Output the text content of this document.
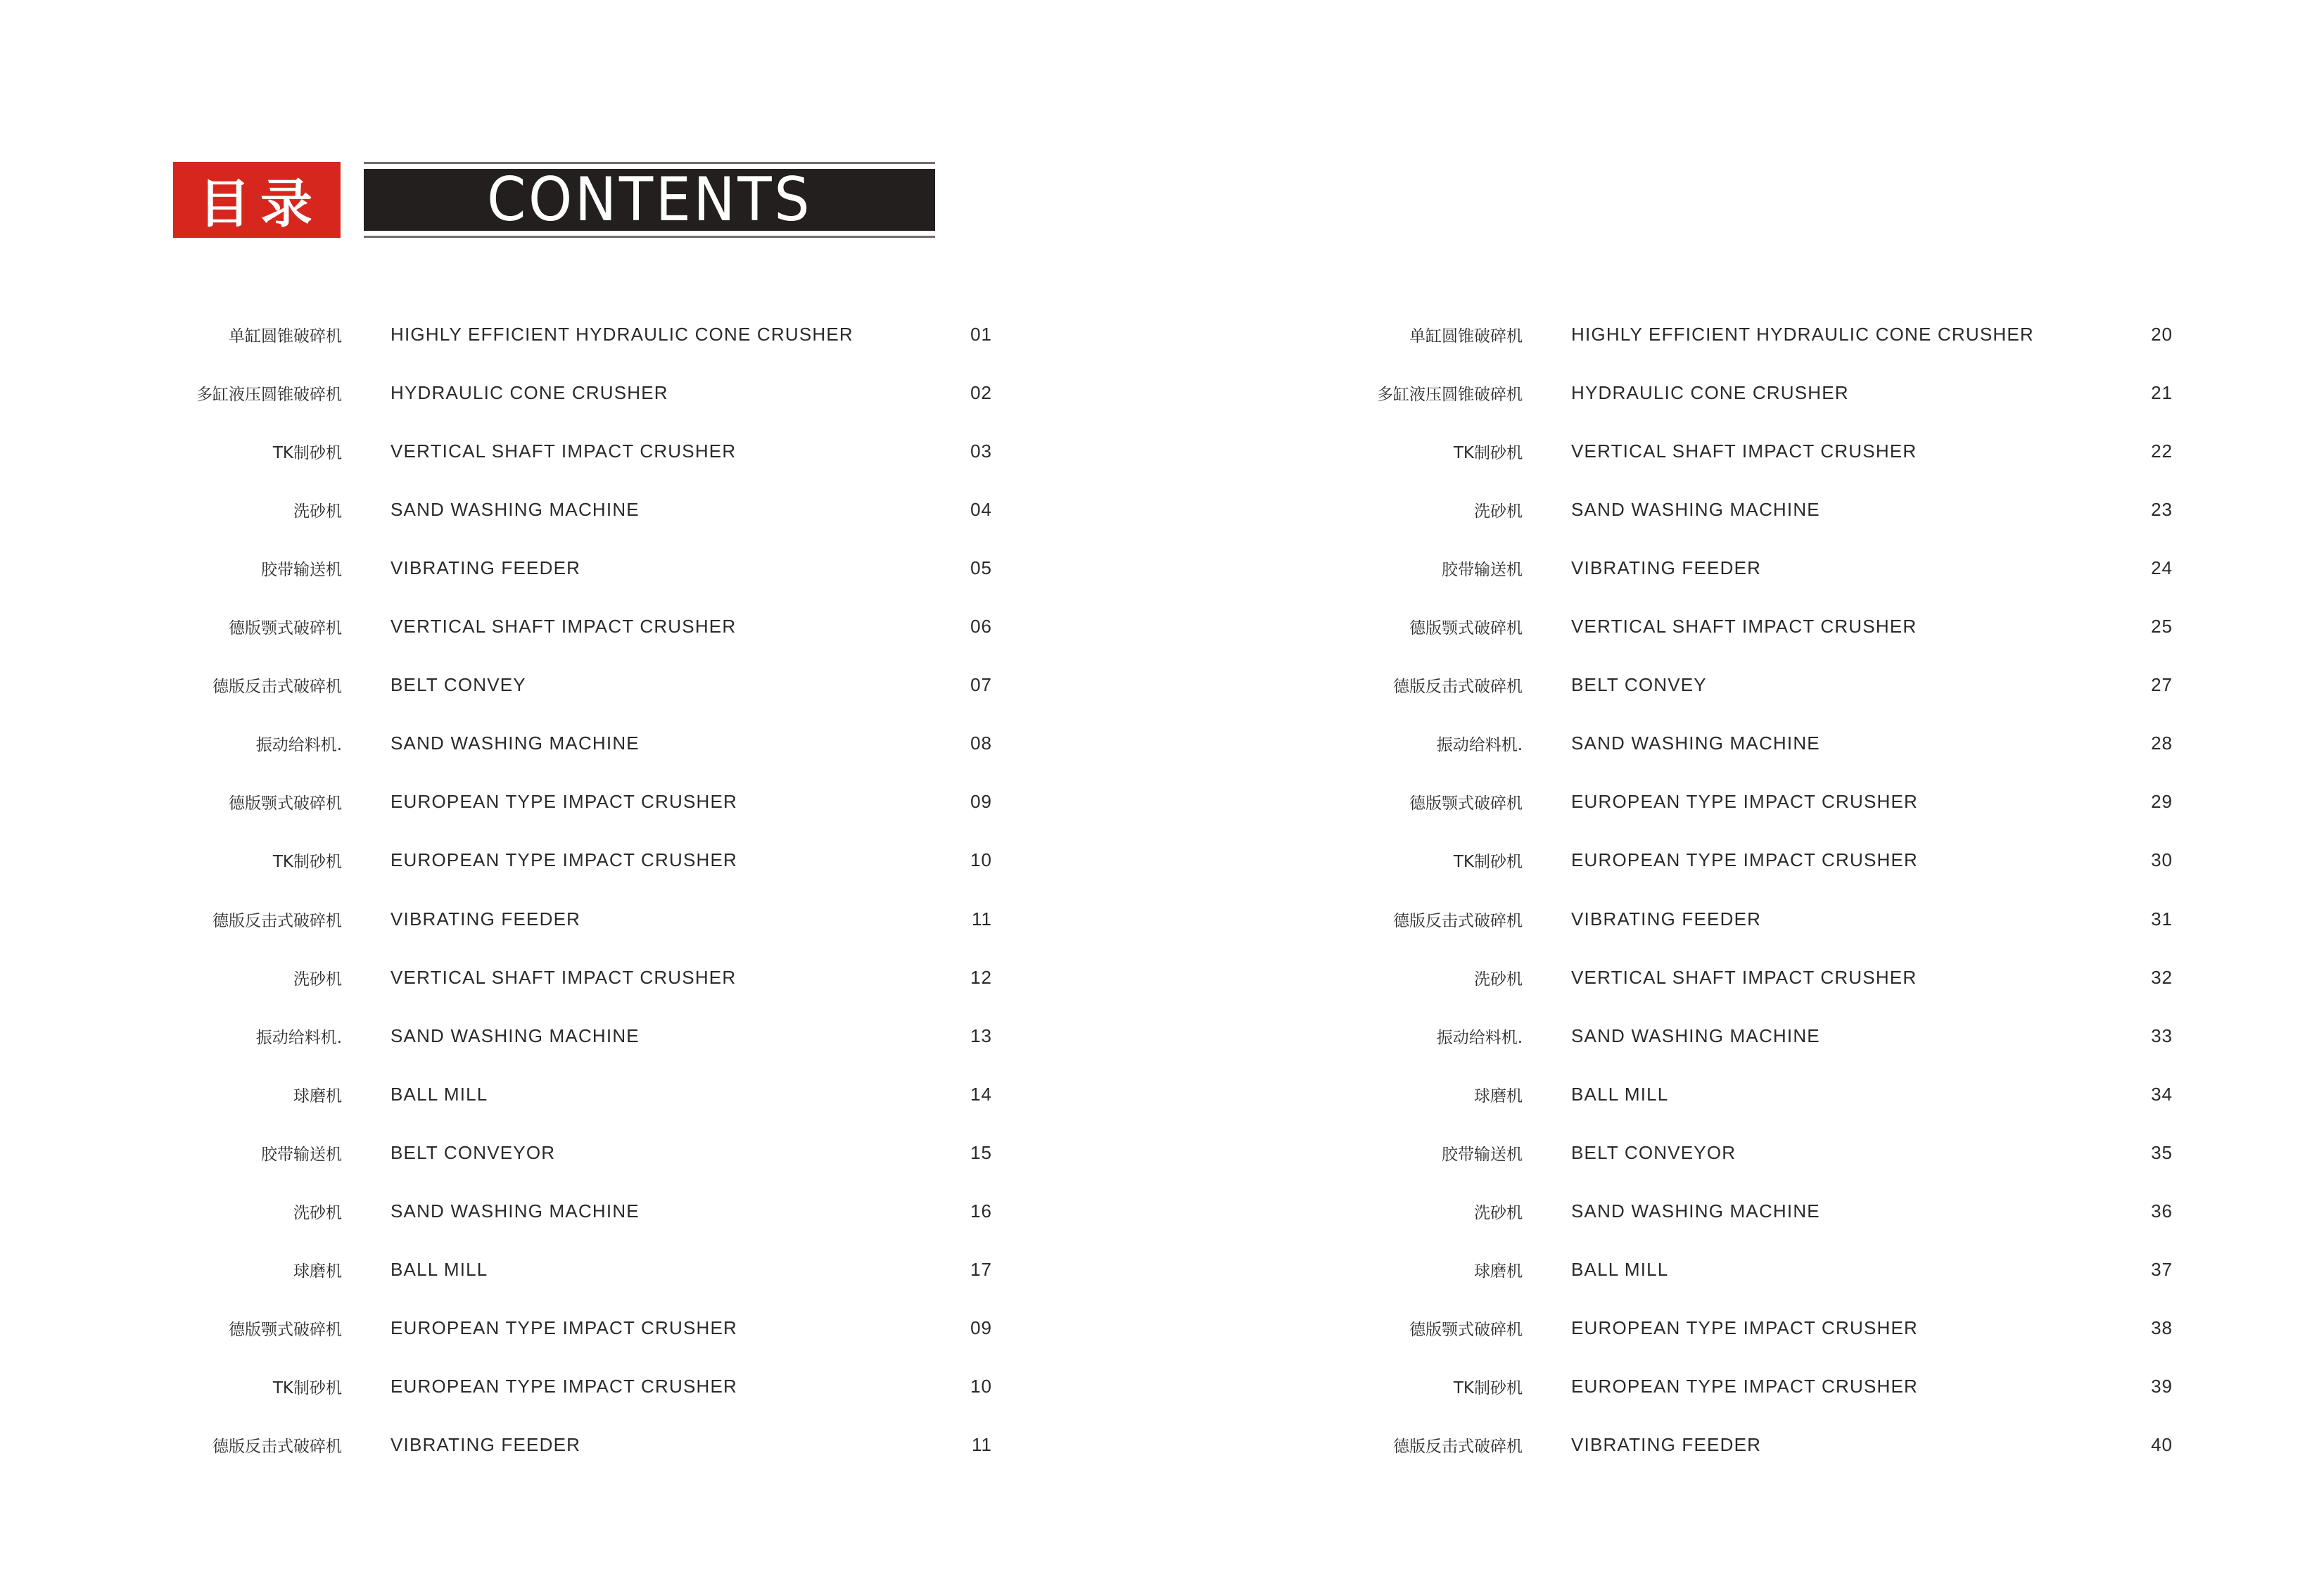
目录	CONTENTS
单缸圆锥破碎机	HIGHLY EFFICIENT HYDRAULIC CONE CRUSHER	01
多缸液压圆锥破碎机	HYDRAULIC CONE CRUSHER	02
TK制砂机	VERTICAL SHAFT IMPACT CRUSHER	03
洗砂机	SAND WASHING MACHINE	04
胶带输送机	VIBRATING FEEDER	05
德版颚式破碎机	VERTICAL SHAFT IMPACT CRUSHER	06
德版反击式破碎机	BELT CONVEY	07
振动给料机.	SAND WASHING MACHINE	08
德版颚式破碎机	EUROPEAN TYPE IMPACT CRUSHER	09
TK制砂机	EUROPEAN TYPE IMPACT CRUSHER	10
德版反击式破碎机	VIBRATING FEEDER	11
洗砂机	VERTICAL SHAFT IMPACT CRUSHER	12
振动给料机.	SAND WASHING MACHINE	13
球磨机	BALL MILL	14
胶带输送机	BELT CONVEYOR	15
洗砂机	SAND WASHING MACHINE	16
球磨机	BALL MILL	17
德版颚式破碎机	EUROPEAN TYPE IMPACT CRUSHER	09
TK制砂机	EUROPEAN TYPE IMPACT CRUSHER	10
德版反击式破碎机	VIBRATING FEEDER	11
单缸圆锥破碎机	HIGHLY EFFICIENT HYDRAULIC CONE CRUSHER	20
多缸液压圆锥破碎机	HYDRAULIC CONE CRUSHER	21
TK制砂机	VERTICAL SHAFT IMPACT CRUSHER	22
洗砂机	SAND WASHING MACHINE	23
胶带输送机	VIBRATING FEEDER	24
德版颚式破碎机	VERTICAL SHAFT IMPACT CRUSHER	25
德版反击式破碎机	BELT CONVEY	27
振动给料机.	SAND WASHING MACHINE	28
德版颚式破碎机	EUROPEAN TYPE IMPACT CRUSHER	29
TK制砂机	EUROPEAN TYPE IMPACT CRUSHER	30
德版反击式破碎机	VIBRATING FEEDER	31
洗砂机	VERTICAL SHAFT IMPACT CRUSHER	32
振动给料机.	SAND WASHING MACHINE	33
球磨机	BALL MILL	34
胶带输送机	BELT CONVEYOR	35
洗砂机	SAND WASHING MACHINE	36
球磨机	BALL MILL	37
德版颚式破碎机	EUROPEAN TYPE IMPACT CRUSHER	38
TK制砂机	EUROPEAN TYPE IMPACT CRUSHER	39
德版反击式破碎机	VIBRATING FEEDER	40
